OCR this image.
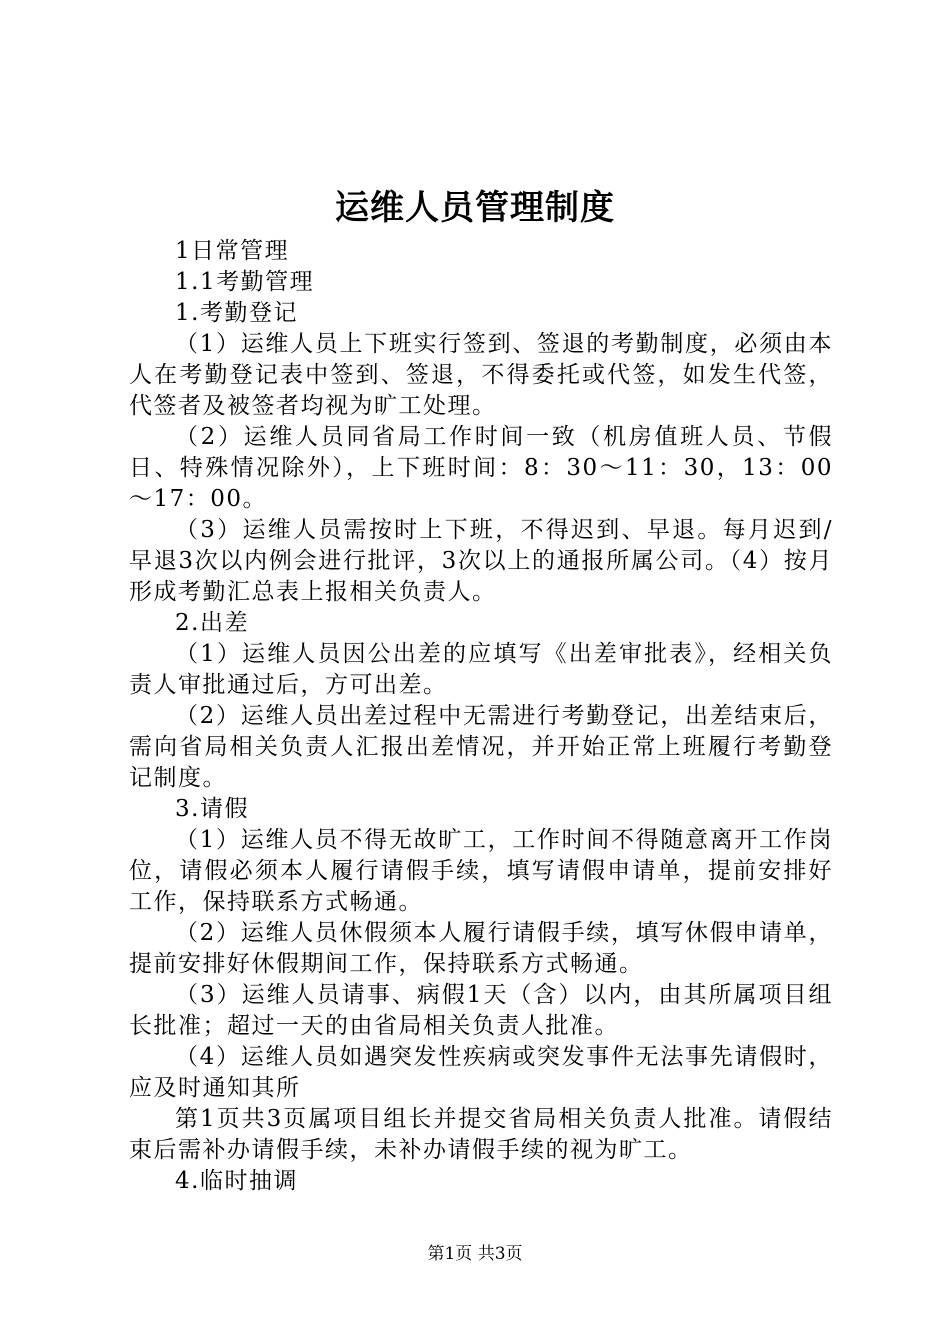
运维人员管理制度

1日常管理

1.1考勤管理

1.考勤登记

（1）运维人员上下班实行签到、签退的考勤制度，必须由本人在考勤登记表中签到、签退，不得委托或代签，如发生代签，代签者及被签者均视为旷工处理。

（2）运维人员同省局工作时间一致（机房值班人员、节假日、特殊情况除外），上下班时间：8：30～11：30，13：00～17：00。

（3）运维人员需按时上下班，不得迟到、早退。每月迟到/早退3次以内例会进行批评，3次以上的通报所属公司。（4）按月形成考勤汇总表上报相关负责人。

2.出差

（1）运维人员因公出差的应填写《出差审批表》，经相关负责人审批通过后，方可出差。

（2）运维人员出差过程中无需进行考勤登记，出差结束后，需向省局相关负责人汇报出差情况，并开始正常上班履行考勤登记制度。

3.请假

（1）运维人员不得无故旷工，工作时间不得随意离开工作岗位，请假必须本人履行请假手续，填写请假申请单，提前安排好工作，保持联系方式畅通。

（2）运维人员休假须本人履行请假手续，填写休假申请单，提前安排好休假期间工作，保持联系方式畅通。

（3）运维人员请事、病假1天（含）以内，由其所属项目组长批准；超过一天的由省局相关负责人批准。

（4）运维人员如遇突发性疾病或突发事件无法事先请假时，应及时通知其所

第1页共3页属项目组长并提交省局相关负责人批准。请假结束后需补办请假手续，未补办请假手续的视为旷工。

4.临时抽调

第1页 共3页
